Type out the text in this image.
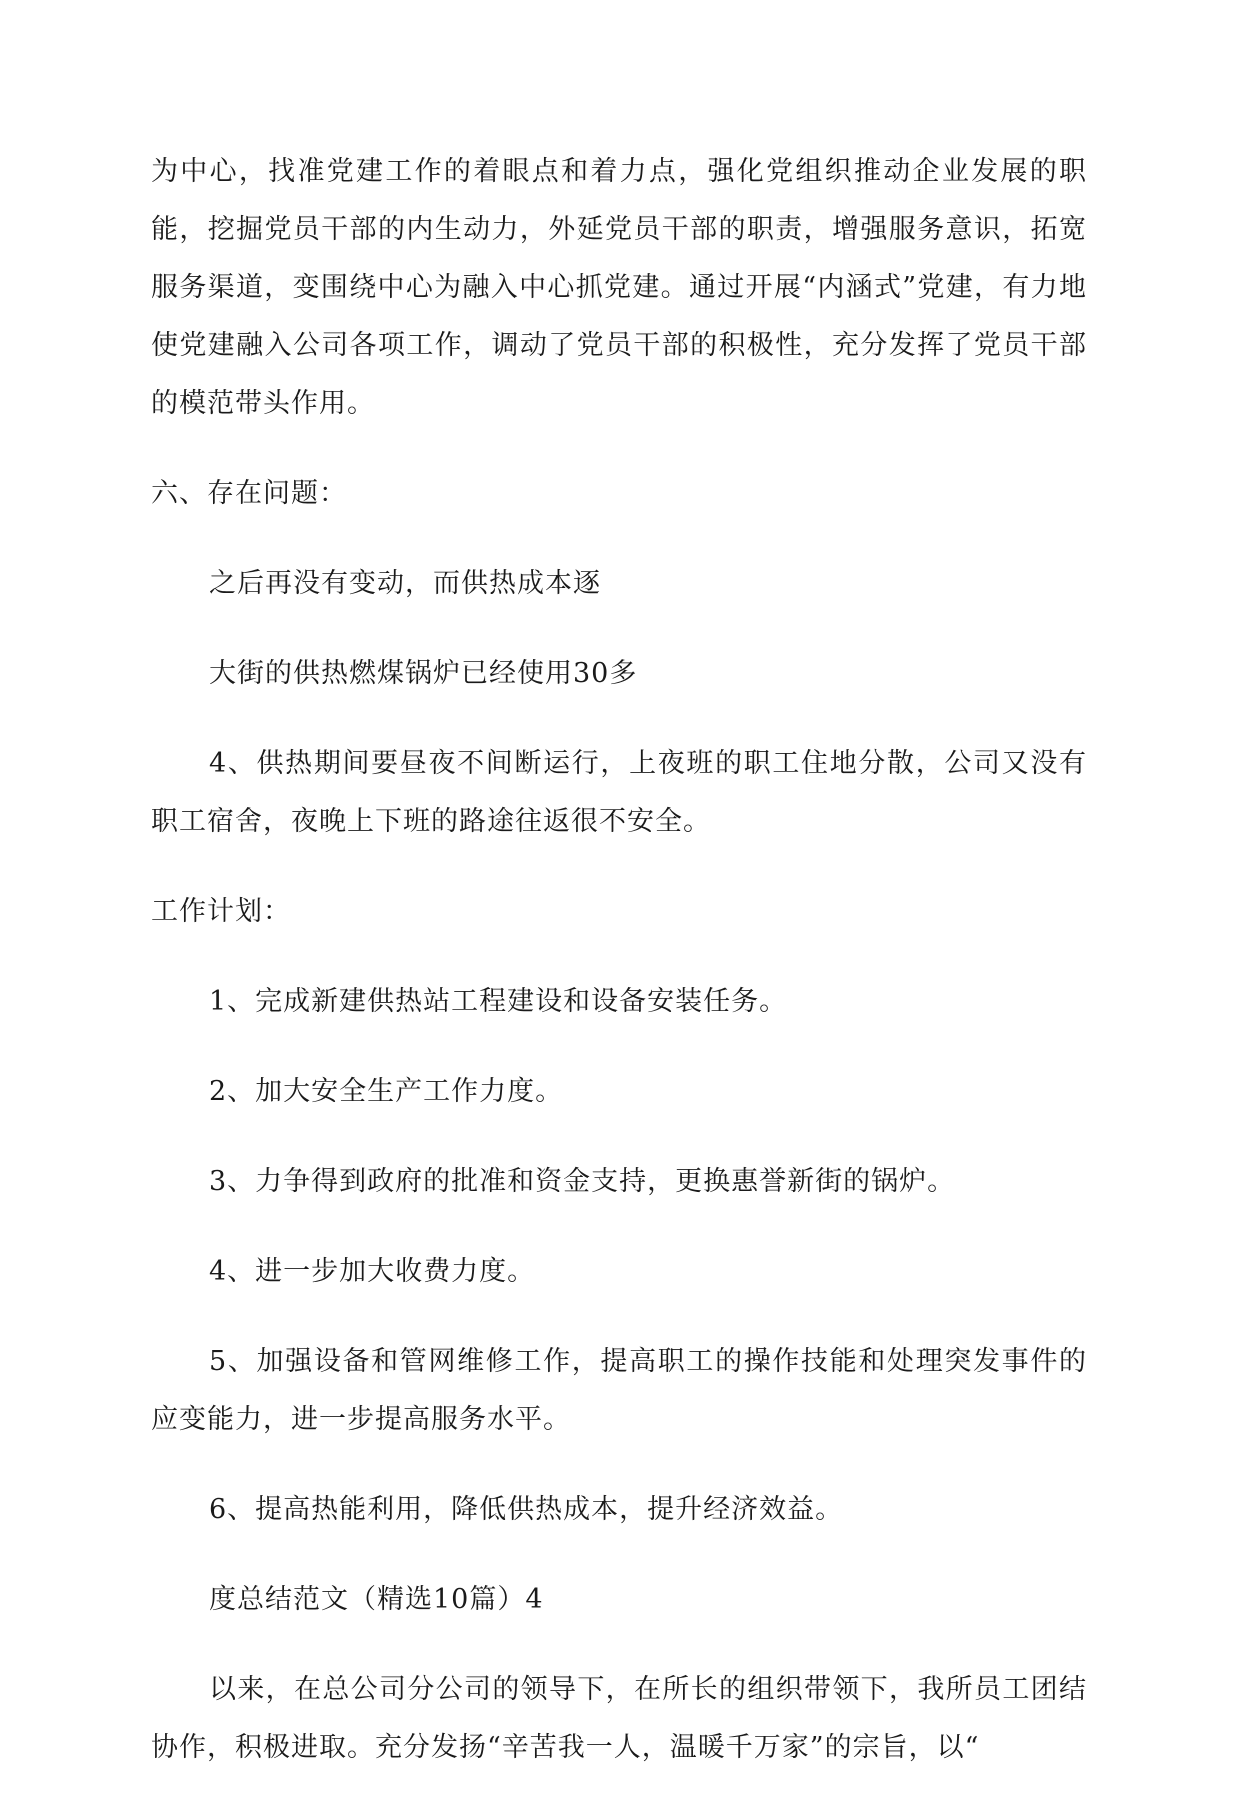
为中心，找准党建工作的着眼点和着力点，强化党组织推动企业发展的职能，挖掘党员干部的内生动力，外延党员干部的职责，增强服务意识，拓宽服务渠道，变围绕中心为融入中心抓党建。通过开展“内涵式”党建，有力地使党建融入公司各项工作，调动了党员干部的积极性，充分发挥了党员干部的模范带头作用。

六、存在问题：

之后再没有变动，而供热成本逐

大街的供热燃煤锅炉已经使用30多

4、供热期间要昼夜不间断运行，上夜班的职工住地分散，公司又没有职工宿舍，夜晚上下班的路途往返很不安全。

工作计划：

1、完成新建供热站工程建设和设备安装任务。

2、加大安全生产工作力度。

3、力争得到政府的批准和资金支持，更换惠誉新街的锅炉。

4、进一步加大收费力度。

5、加强设备和管网维修工作，提高职工的操作技能和处理突发事件的应变能力，进一步提高服务水平。

6、提高热能利用，降低供热成本，提升经济效益。

度总结范文（精选10篇）4

以来，在总公司分公司的领导下，在所长的组织带领下，我所员工团结协作，积极进取。充分发扬“辛苦我一人，温暖千万家”的宗旨，以“
